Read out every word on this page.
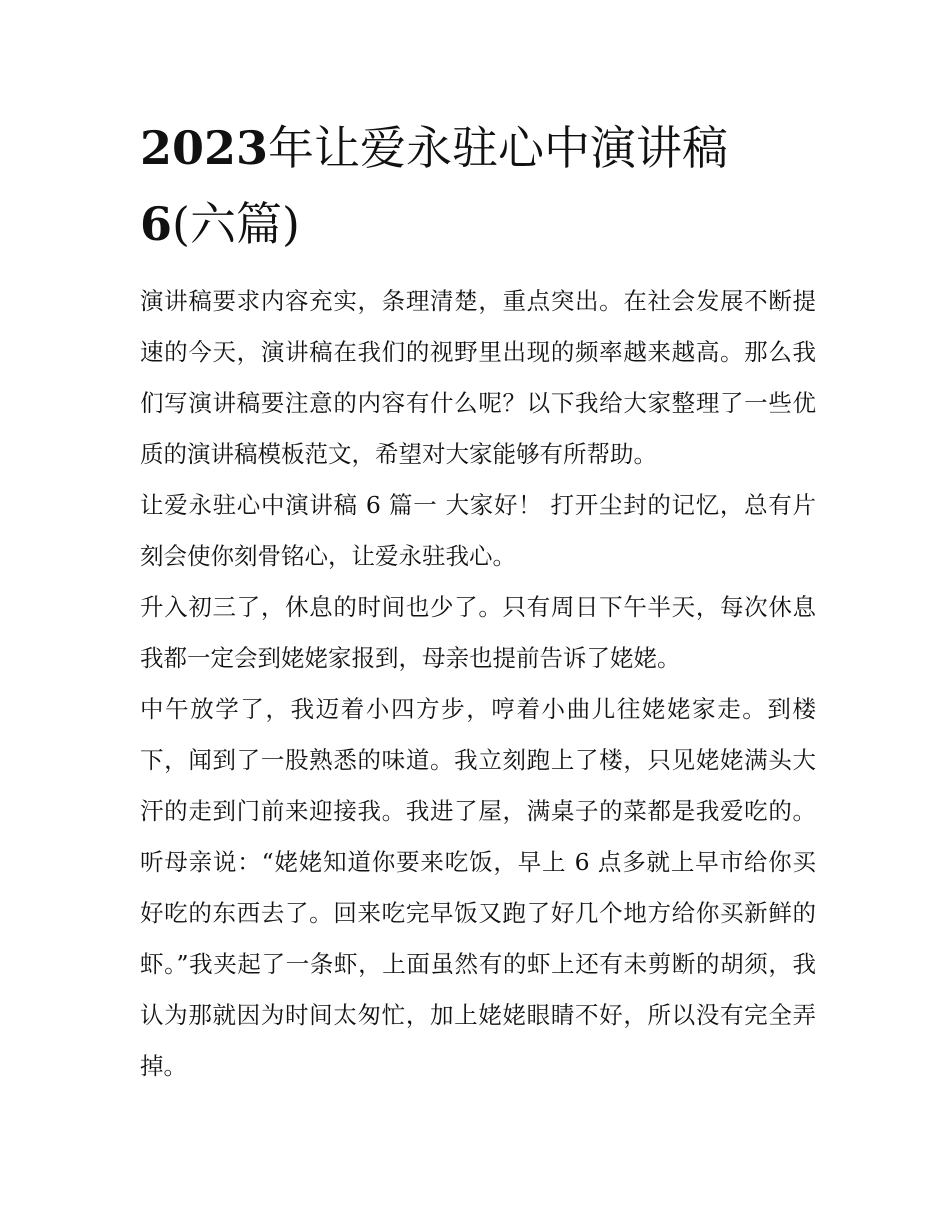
2023年让爱永驻心中演讲稿
6(六篇)

演讲稿要求内容充实，条理清楚，重点突出。在社会发展不断提速的今天，演讲稿在我们的视野里出现的频率越来越高。那么我们写演讲稿要注意的内容有什么呢？以下我给大家整理了一些优质的演讲稿模板范文，希望对大家能够有所帮助。

让爱永驻心中演讲稿 6 篇一 大家好！ 打开尘封的记忆，总有片刻会使你刻骨铭心，让爱永驻我心。

升入初三了，休息的时间也少了。只有周日下午半天，每次休息我都一定会到姥姥家报到，母亲也提前告诉了姥姥。

中午放学了，我迈着小四方步，哼着小曲儿往姥姥家走。到楼下，闻到了一股熟悉的味道。我立刻跑上了楼，只见姥姥满头大汗的走到门前来迎接我。我进了屋，满桌子的菜都是我爱吃的。听母亲说：“姥姥知道你要来吃饭，早上 6 点多就上早市给你买好吃的东西去了。回来吃完早饭又跑了好几个地方给你买新鲜的虾。”我夹起了一条虾，上面虽然有的虾上还有未剪断的胡须，我认为那就因为时间太匆忙，加上姥姥眼睛不好，所以没有完全弄掉。
